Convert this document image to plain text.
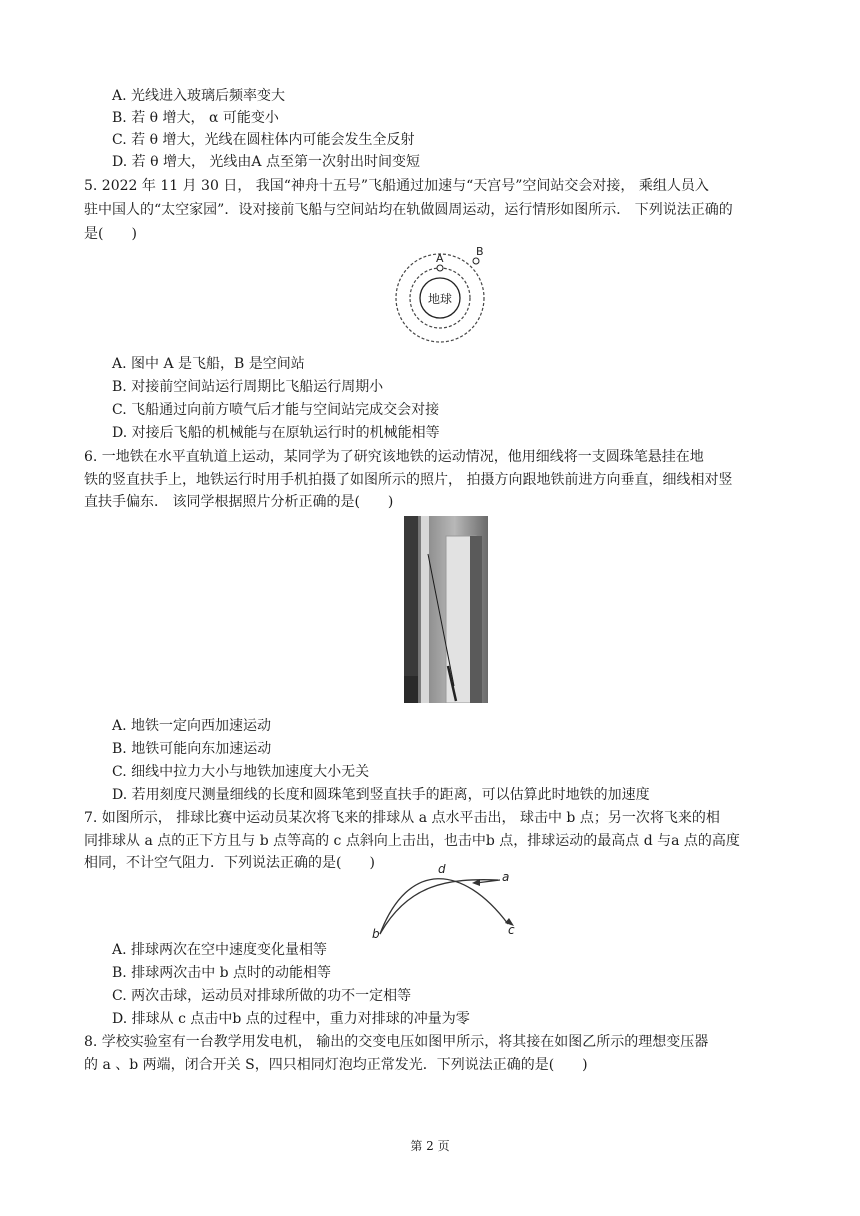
A. 光线进入玻璃后频率变大
B. 若 θ 增大， α 可能变小
C. 若 θ 增大，光线在圆柱体内可能会发生全反射
D. 若 θ 增大， 光线由A 点至第一次射出时间变短
5. 2022 年 11 月 30 日， 我国“神舟十五号”飞船通过加速与“天宫号”空间站交会对接， 乘组人员入
驻中国人的“太空家园”．设对接前飞船与空间站均在轨做圆周运动，运行情形如图所示． 下列说法正确的
是(　　)
地球
A
B
A. 图中 A 是飞船，B 是空间站
B. 对接前空间站运行周期比飞船运行周期小
C. 飞船通过向前方喷气后才能与空间站完成交会对接
D. 对接后飞船的机械能与在原轨运行时的机械能相等
6. 一地铁在水平直轨道上运动，某同学为了研究该地铁的运动情况，他用细线将一支圆珠笔悬挂在地
铁的竖直扶手上，地铁运行时用手机拍摄了如图所示的照片， 拍摄方向跟地铁前进方向垂直，细线相对竖
直扶手偏东． 该同学根据照片分析正确的是(　　)
A. 地铁一定向西加速运动
B. 地铁可能向东加速运动
C. 细线中拉力大小与地铁加速度大小无关
D. 若用刻度尺测量细线的长度和圆珠笔到竖直扶手的距离，可以估算此时地铁的加速度
7. 如图所示， 排球比赛中运动员某次将飞来的排球从 a 点水平击出， 球击中 b 点；另一次将飞来的相
同排球从 a 点的正下方且与 b 点等高的 c 点斜向上击出，也击中b 点，排球运动的最高点 d 与a 点的高度
相同，不计空气阻力．下列说法正确的是(　　)	d
a
b	c
A. 排球两次在空中速度变化量相等
B. 排球两次击中 b 点时的动能相等
C. 两次击球，运动员对排球所做的功不一定相等
D. 排球从 c 点击中b 点的过程中，重力对排球的冲量为零
8. 学校实验室有一台教学用发电机， 输出的交变电压如图甲所示，将其接在如图乙所示的理想变压器
的 a 、b 两端，闭合开关 S，四只相同灯泡均正常发光．下列说法正确的是(　　)
第 2 页
